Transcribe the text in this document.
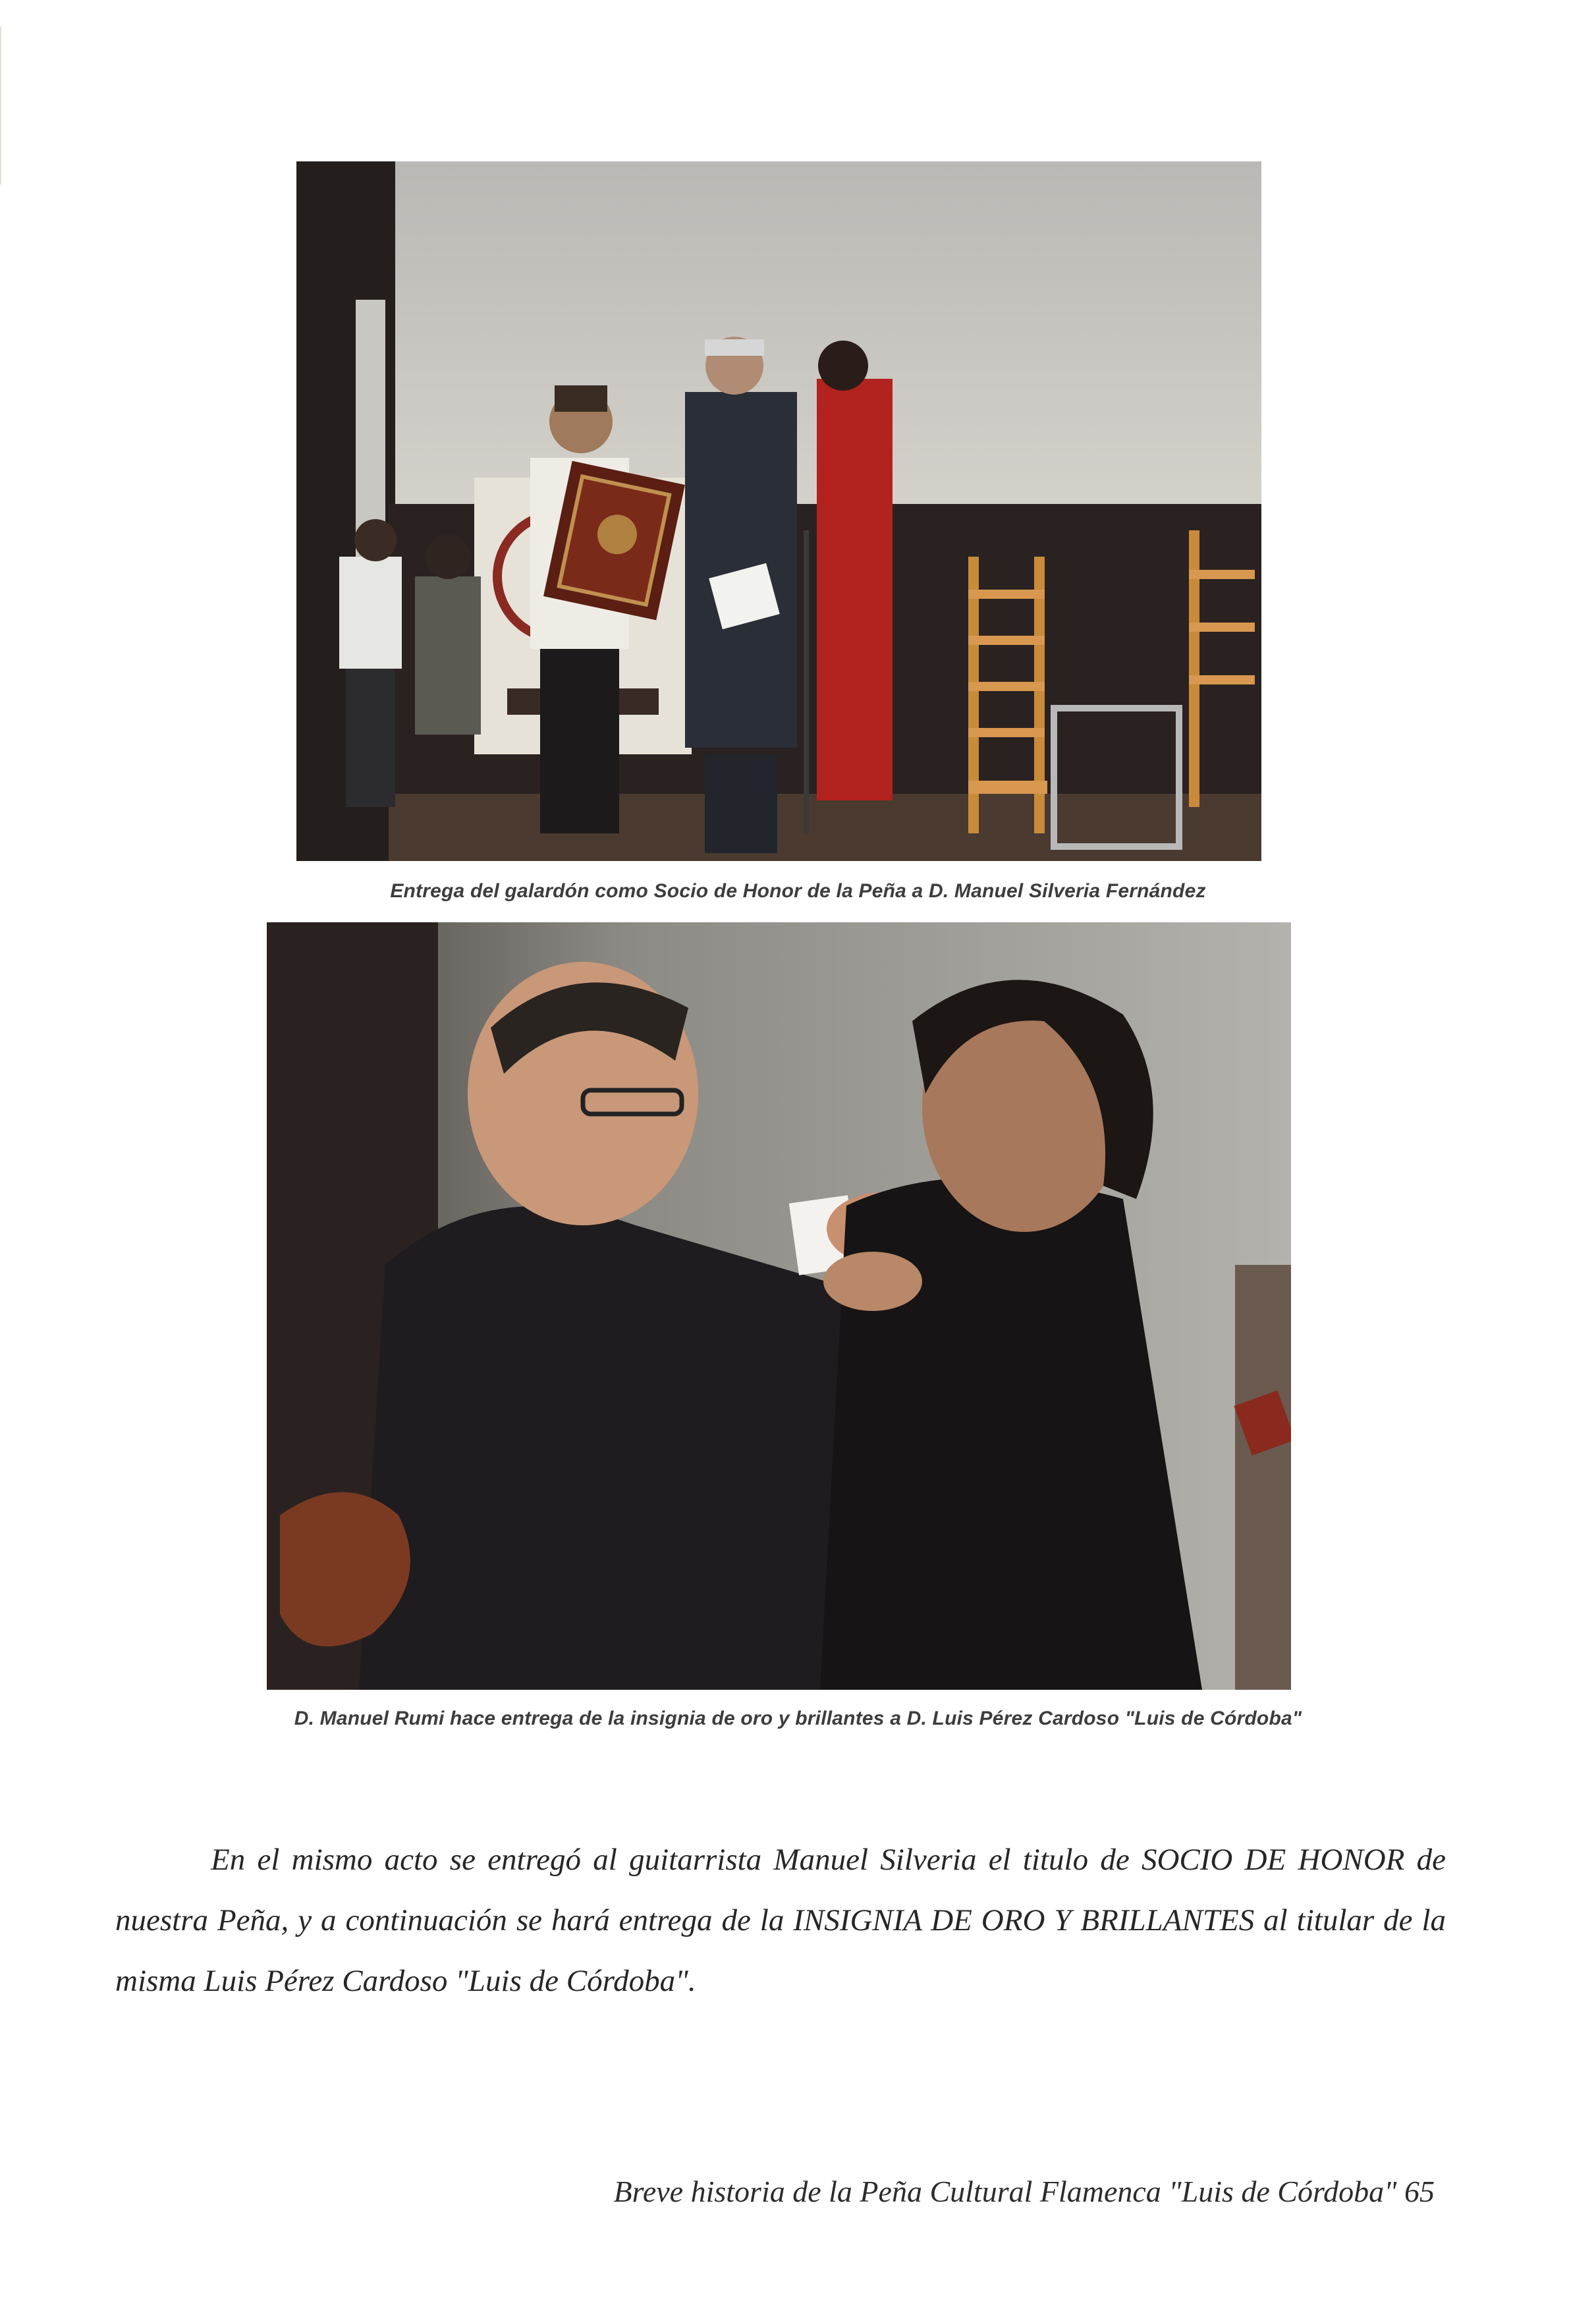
Entrega del galardón como Socio de Honor de la Peña a D. Manuel Silveria Fernández
D. Manuel Rumi hace entrega de la insignia de oro y brillantes a D. Luis Pérez Cardoso "Luis de Córdoba"

En el mismo acto se entregó al guitarrista Manuel Silveria el titulo de SOCIO DE HONOR de nuestra Peña, y a continuación se hará entrega de la INSIGNIA DE ORO Y BRILLANTES al titular de la misma Luis Pérez Cardoso "Luis de Córdoba".

Breve historia de la Peña Cultural Flamenca "Luis de Córdoba" 65
